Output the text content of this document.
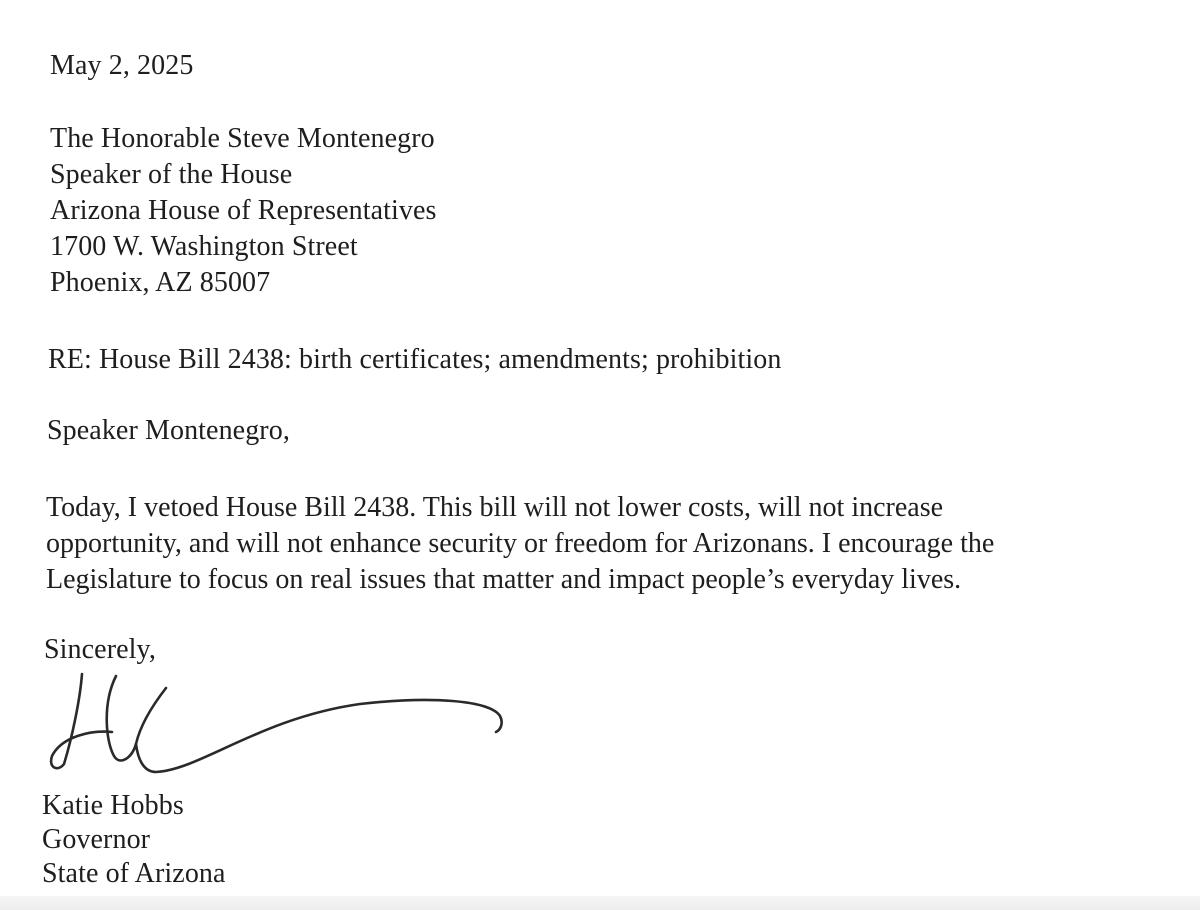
May 2, 2025
The Honorable Steve Montenegro
Speaker of the House
Arizona House of Representatives
1700 W. Washington Street
Phoenix, AZ 85007
RE: House Bill 2438: birth certificates; amendments; prohibition
Speaker Montenegro,
Today, I vetoed House Bill 2438. This bill will not lower costs, will not increase
opportunity, and will not enhance security or freedom for Arizonans. I encourage the
Legislature to focus on real issues that matter and impact people’s everyday lives.
Sincerely,
Katie Hobbs
Governor
State of Arizona
